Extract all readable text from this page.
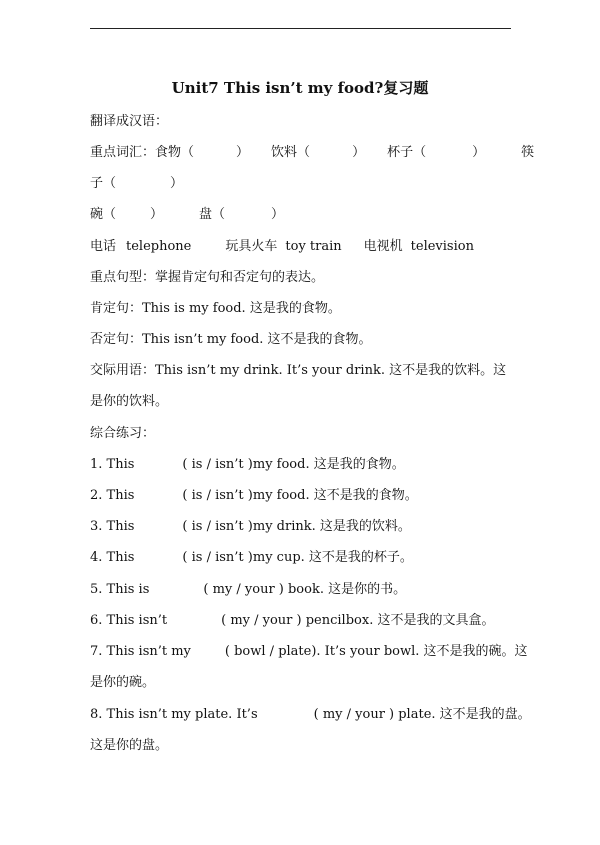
Unit7 This isn’t my food?复习题
翻译成汉语：
重点词汇：食物（	） 饮料（	） 杯子（	）	筷
子（	）
碗（	）	盘（	）
电话 telephone	玩具火车 toy train 电视机 television
重点句型：掌握肯定句和否定句的表达。
肯定句：This is my food. 这是我的食物。
否定句：This isn’t my food. 这不是我的食物。
交际用语：This isn’t my drink. It’s your drink. 这不是我的饮料。这
是你的饮料。
综合练习：
1. This	( is / isn’t )my food. 这是我的食物。
2. This	( is / isn’t )my food. 这不是我的食物。
3. This	( is / isn’t )my drink. 这是我的饮料。
4. This	( is / isn’t )my cup. 这不是我的杯子。
5. This is	( my / your ) book. 这是你的书。
6. This isn’t	( my / your ) pencilbox. 这不是我的文具盒。
7. This isn’t my	( bowl / plate). It’s your bowl. 这不是我的碗。这
是你的碗。
8. This isn’t my plate. It’s	( my / your ) plate. 这不是我的盘。
这是你的盘。
